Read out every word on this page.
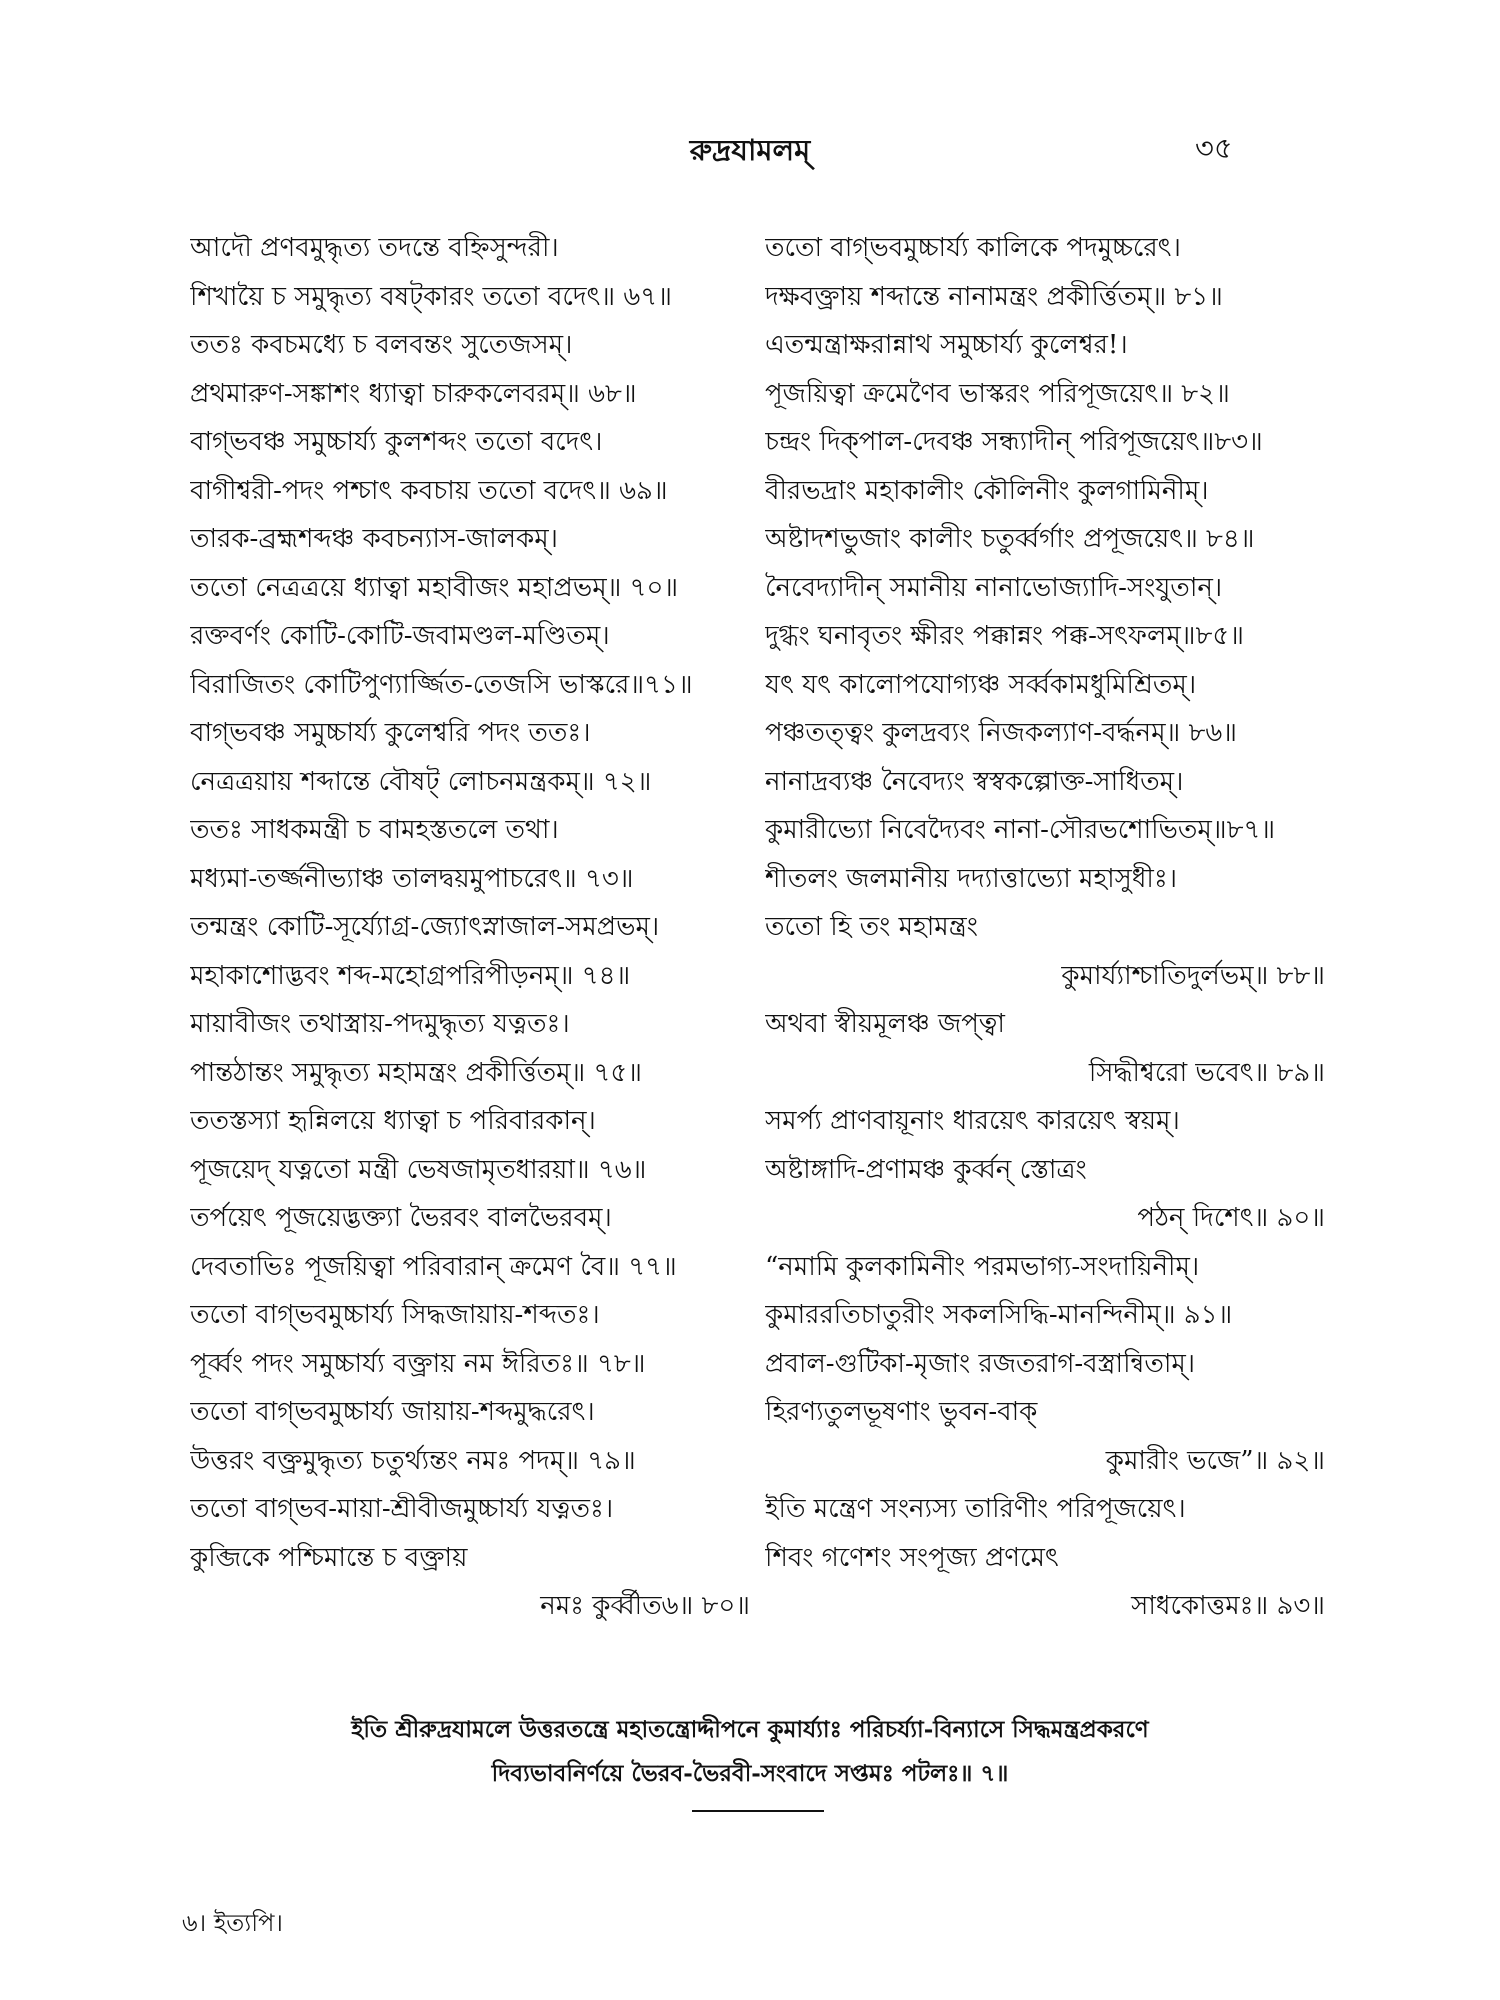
রুদ্রযামলম্	৩৫
আদৌ প্রণবমুদ্ধৃত্য তদন্তে বহ্নিসুন্দরী।
শিখায়ৈ চ সমুদ্ধৃত্য বষট্কারং ততো বদেৎ॥ ৬৭॥
ততঃ কবচমধ্যে চ বলবন্তং সুতেজসম্।
প্রথমারুণ-সঙ্কাশং ধ্যাত্বা চারুকলেবরম্॥ ৬৮॥
বাগ্ভবঞ্চ সমুচ্চার্য্য কুলশব্দং ততো বদেৎ।
বাগীশ্বরী-পদং পশ্চাৎ কবচায় ততো বদেৎ॥ ৬৯॥
তারক-ব্রহ্মশব্দঞ্চ কবচন্যাস-জালকম্।
ততো নেত্রত্রয়ে ধ্যাত্বা মহাবীজং মহাপ্রভম্॥ ৭০॥
রক্তবর্ণং কোটি-কোটি-জবামণ্ডল-মণ্ডিতম্।
বিরাজিতং কোটিপুণ্যার্জ্জিত-তেজসি ভাস্করে॥৭১॥
বাগ্ভবঞ্চ সমুচ্চার্য্য কুলেশ্বরি পদং ততঃ।
নেত্রত্রয়ায় শব্দান্তে বৌষট্ লোচনমন্ত্রকম্॥ ৭২॥
ততঃ সাধকমন্ত্রী চ বামহস্ততলে তথা।
মধ্যমা-তর্জ্জনীভ্যাঞ্চ তালদ্বয়মুপাচরেৎ॥ ৭৩॥
তন্মন্ত্রং কোটি-সূর্য্যোগ্র-জ্যোৎস্নাজাল-সমপ্রভম্।
মহাকাশোদ্ভবং শব্দ-মহোগ্রপরিপীড়নম্॥ ৭৪॥
মায়াবীজং তথাস্ত্রায়-পদমুদ্ধৃত্য যত্নতঃ।
পান্তঠান্তং সমুদ্ধৃত্য মহামন্ত্রং প্রকীর্ত্তিতম্॥ ৭৫॥
ততস্তস্যা হৃন্নিলয়ে ধ্যাত্বা চ পরিবারকান্।
পূজয়েদ্ যত্নতো মন্ত্রী ভেষজামৃতধারয়া॥ ৭৬॥
তর্পয়েৎ পূজয়েদ্ভক্ত্যা ভৈরবং বালভৈরবম্।
দেবতাভিঃ পূজয়িত্বা পরিবারান্ ক্রমেণ বৈ॥ ৭৭॥
ততো বাগ্ভবমুচ্চার্য্য সিদ্ধজায়ায়-শব্দতঃ।
পূর্ব্বং পদং সমুচ্চার্য্য বক্ত্রায় নম ঈরিতঃ॥ ৭৮॥
ততো বাগ্ভবমুচ্চার্য্য জায়ায়-শব্দমুদ্ধরেৎ।
উত্তরং বক্ত্রমুদ্ধৃত্য চতুর্থ্যন্তং নমঃ পদম্॥ ৭৯॥
ততো বাগ্ভব-মায়া-শ্রীবীজমুচ্চার্য্য যত্নতঃ।
কুব্জিকে পশ্চিমান্তে চ বক্ত্রায়
নমঃ কুর্ব্বীত৬॥ ৮০॥
ততো বাগ্ভবমুচ্চার্য্য কালিকে পদমুচ্চরেৎ।
দক্ষবক্ত্রায় শব্দান্তে নানামন্ত্রং প্রকীর্ত্তিতম্॥ ৮১॥
এতন্মন্ত্রাক্ষরান্নাথ সমুচ্চার্য্য কুলেশ্বর!।
পূজয়িত্বা ক্রমেণৈব ভাস্করং পরিপূজয়েৎ॥ ৮২॥
চন্দ্রং দিক্পাল-দেবঞ্চ সন্ধ্যাদীন্ পরিপূজয়েৎ॥৮৩॥
বীরভদ্রাং মহাকালীং কৌলিনীং কুলগামিনীম্।
অষ্টাদশভুজাং কালীং চতুর্ব্বর্গাং প্রপূজয়েৎ॥ ৮৪॥
নৈবেদ্যাদীন্ সমানীয় নানাভোজ্যাদি-সংযুতান্।
দুগ্ধং ঘনাবৃতং ক্ষীরং পক্কান্নং পক্ক-সৎফলম্॥৮৫॥
যৎ যৎ কালোপযোগ্যঞ্চ সর্ব্বকামধুমিশ্রিতম্।
পঞ্চতত্ত্বং কুলদ্রব্যং নিজকল্যাণ-বর্দ্ধনম্॥ ৮৬॥
নানাদ্রব্যঞ্চ নৈবেদ্যং স্বস্বকল্পোক্ত-সাধিতম্।
কুমারীভ্যো নিবেদ্যৈবং নানা-সৌরভশোভিতম্॥৮৭॥
শীতলং জলমানীয় দদ্যাত্তাভ্যো মহাসুধীঃ।
ততো হি তং মহামন্ত্রং
কুমার্য্যাশ্চাতিদুর্লভম্॥ ৮৮॥
অথবা স্বীয়মূলঞ্চ জপ্ত্বা
সিদ্ধীশ্বরো ভবেৎ॥ ৮৯॥
সমর্প্য প্রাণবায়ূনাং ধারয়েৎ কারয়েৎ স্বয়ম্।
অষ্টাঙ্গাদি-প্রণামঞ্চ কুর্ব্বন্ স্তোত্রং
পঠন্ দিশেৎ॥ ৯০॥
“নমামি কুলকামিনীং পরমভাগ্য-সংদায়িনীম্।
কুমাররতিচাতুরীং সকলসিদ্ধি-মানন্দিনীম্॥ ৯১॥
প্রবাল-গুটিকা-মৃজাং রজতরাগ-বস্ত্রান্বিতাম্।
হিরণ্যতুলভূষণাং ভুবন-বাক্
কুমারীং ভজে”॥ ৯২॥
ইতি মন্ত্রেণ সংন্যস্য তারিণীং পরিপূজয়েৎ।
শিবং গণেশং সংপূজ্য প্রণমেৎ
সাধকোত্তমঃ॥ ৯৩॥
ইতি শ্রীরুদ্রযামলে উত্তরতন্ত্রে মহাতন্ত্রোদ্দীপনে কুমার্য্যাঃ পরিচর্য্যা-বিন্যাসে সিদ্ধমন্ত্রপ্রকরণে
দিব্যভাবনির্ণয়ে ভৈরব-ভৈরবী-সংবাদে সপ্তমঃ পটলঃ॥ ৭॥
৬। ইত্যপি।
